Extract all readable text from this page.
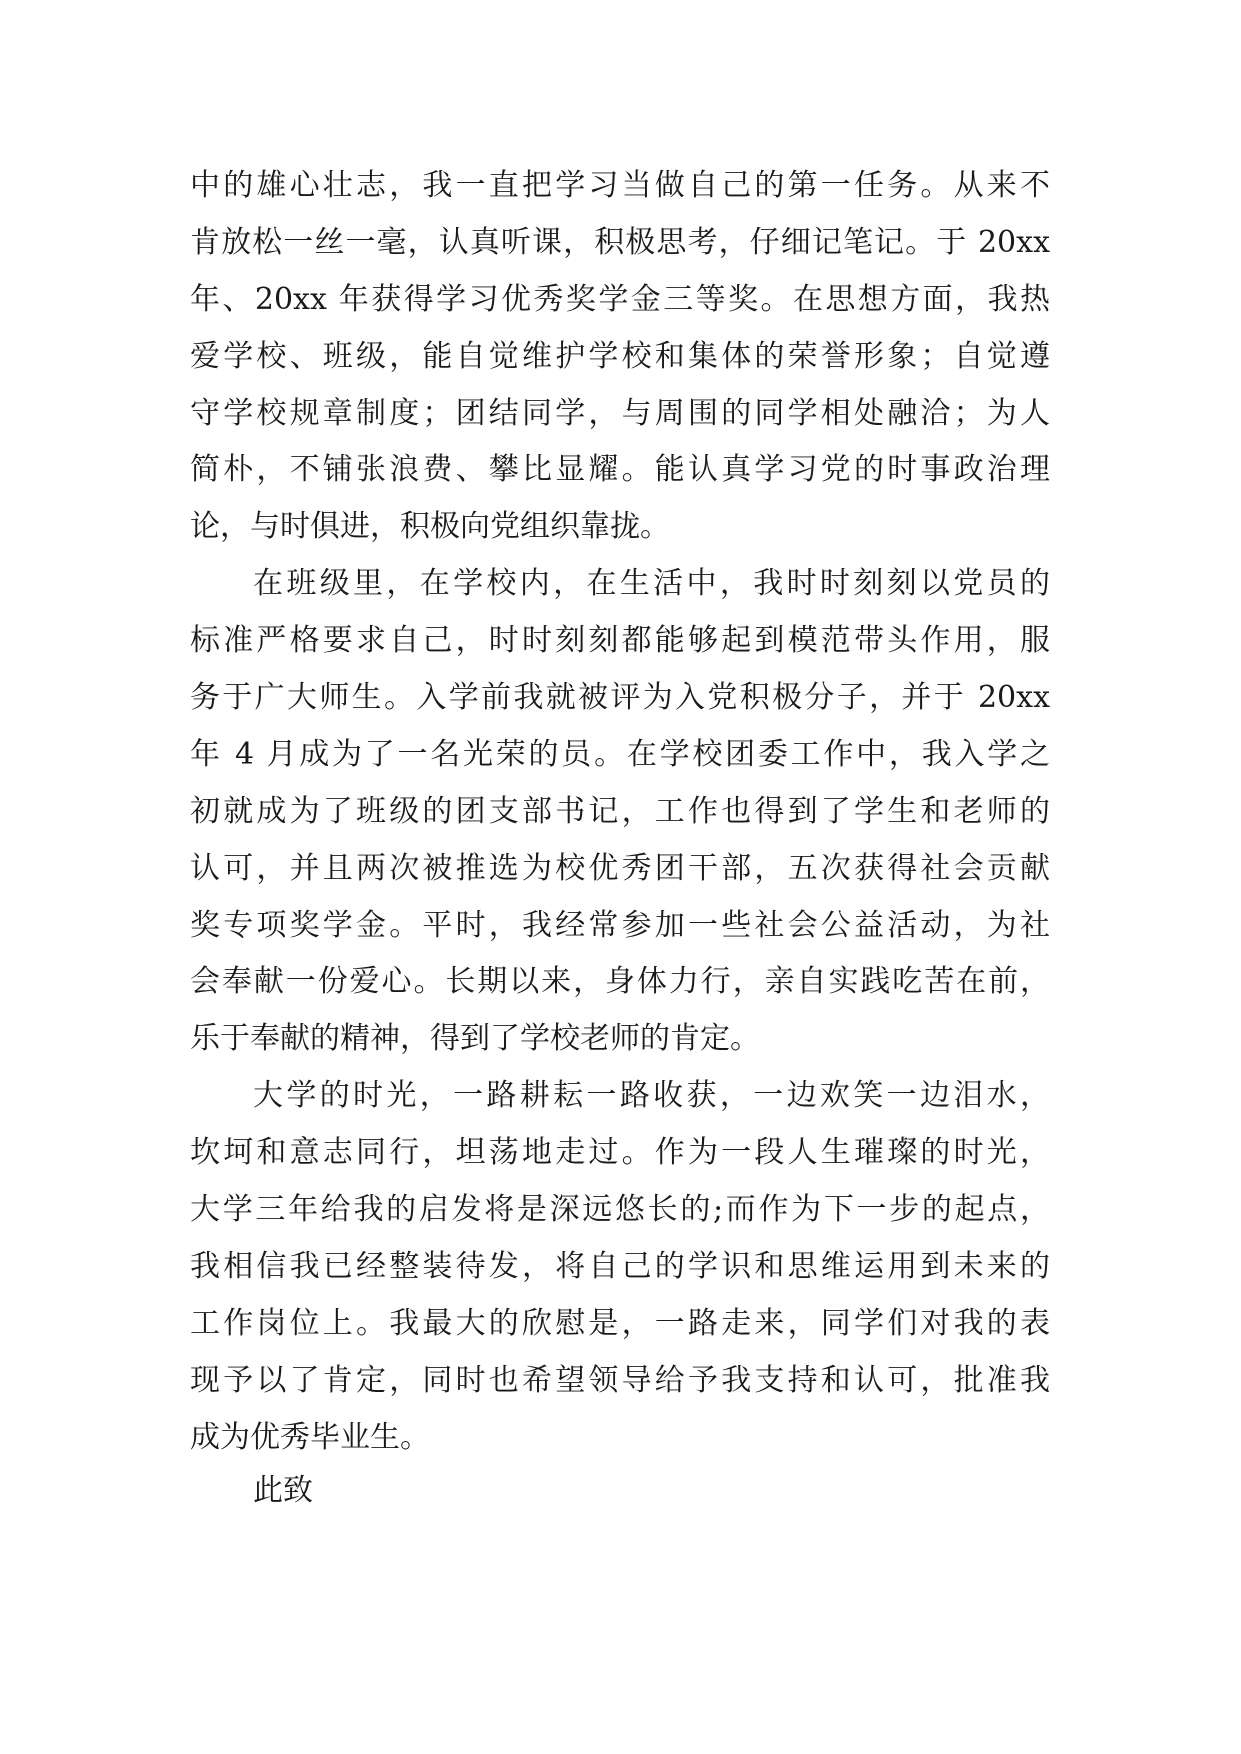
中的雄心壮志，我一直把学习当做自己的第一任务。从来不
肯放松一丝一毫，认真听课，积极思考，仔细记笔记。于 20xx
年、20xx 年获得学习优秀奖学金三等奖。在思想方面，我热
爱学校、班级，能自觉维护学校和集体的荣誉形象；自觉遵
守学校规章制度；团结同学，与周围的同学相处融洽；为人
简朴，不铺张浪费、攀比显耀。能认真学习党的时事政治理
论，与时俱进，积极向党组织靠拢。
在班级里，在学校内，在生活中，我时时刻刻以党员的
标准严格要求自己，时时刻刻都能够起到模范带头作用，服
务于广大师生。入学前我就被评为入党积极分子，并于 20xx
年 4 月成为了一名光荣的员。在学校团委工作中，我入学之
初就成为了班级的团支部书记，工作也得到了学生和老师的
认可，并且两次被推选为校优秀团干部，五次获得社会贡献
奖专项奖学金。平时，我经常参加一些社会公益活动，为社
会奉献一份爱心。长期以来，身体力行，亲自实践吃苦在前，
乐于奉献的精神，得到了学校老师的肯定。
大学的时光，一路耕耘一路收获，一边欢笑一边泪水，
坎坷和意志同行，坦荡地走过。作为一段人生璀璨的时光，
大学三年给我的启发将是深远悠长的;而作为下一步的起点，
我相信我已经整装待发，将自己的学识和思维运用到未来的
工作岗位上。我最大的欣慰是，一路走来，同学们对我的表
现予以了肯定，同时也希望领导给予我支持和认可，批准我
成为优秀毕业生。
此致
